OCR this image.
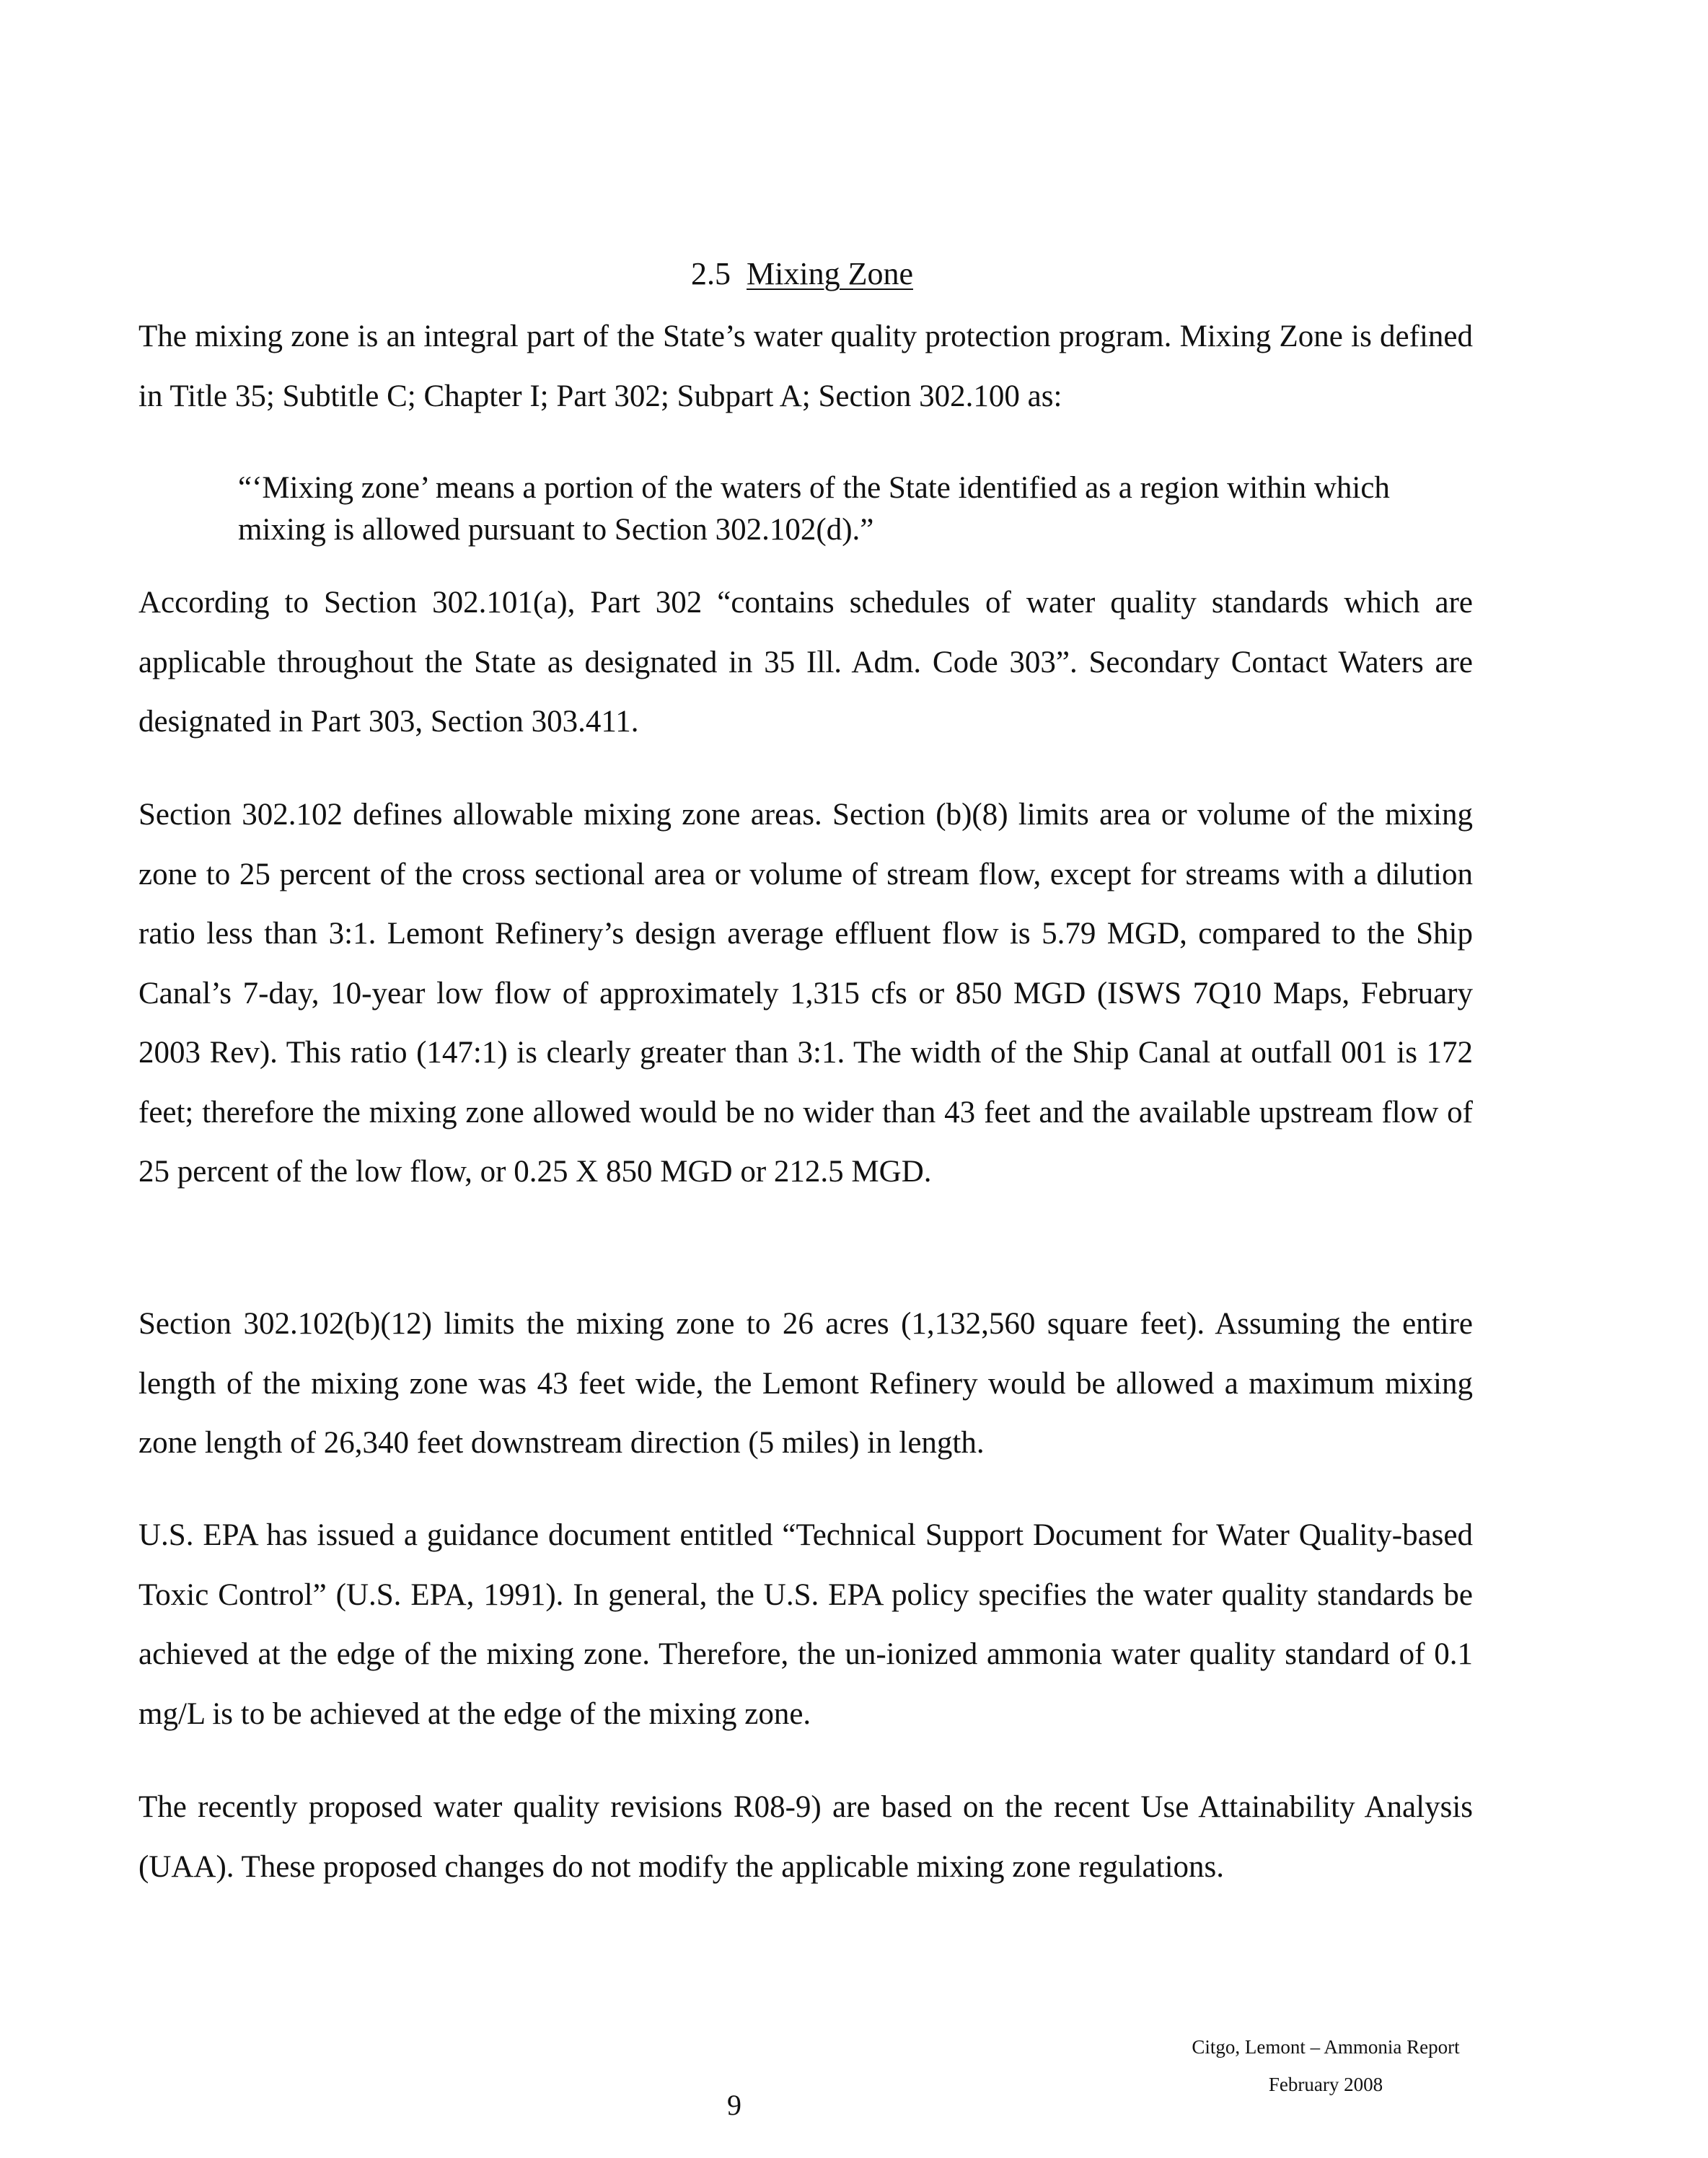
2.5 Mixing Zone

The mixing zone is an integral part of the State’s water quality protection program. Mixing Zone is defined in Title 35; Subtitle C; Chapter I; Part 302; Subpart A; Section 302.100 as:

“‘Mixing zone’ means a portion of the waters of the State identified as a region within which mixing is allowed pursuant to Section 302.102(d).”

According to Section 302.101(a), Part 302 “contains schedules of water quality standards which are applicable throughout the State as designated in 35 Ill. Adm. Code 303”. Secondary Contact Waters are designated in Part 303, Section 303.411.

Section 302.102 defines allowable mixing zone areas. Section (b)(8) limits area or volume of the mixing zone to 25 percent of the cross sectional area or volume of stream flow, except for streams with a dilution ratio less than 3:1. Lemont Refinery’s design average effluent flow is 5.79 MGD, compared to the Ship Canal’s 7-day, 10-year low flow of approximately 1,315 cfs or 850 MGD (ISWS 7Q10 Maps, February 2003 Rev). This ratio (147:1) is clearly greater than 3:1. The width of the Ship Canal at outfall 001 is 172 feet; therefore the mixing zone allowed would be no wider than 43 feet and the available upstream flow of 25 percent of the low flow, or 0.25 X 850 MGD or 212.5 MGD.

Section 302.102(b)(12) limits the mixing zone to 26 acres (1,132,560 square feet). Assuming the entire length of the mixing zone was 43 feet wide, the Lemont Refinery would be allowed a maximum mixing zone length of 26,340 feet downstream direction (5 miles) in length.

U.S. EPA has issued a guidance document entitled “Technical Support Document for Water Quality-based Toxic Control” (U.S. EPA, 1991). In general, the U.S. EPA policy specifies the water quality standards be achieved at the edge of the mixing zone. Therefore, the un-ionized ammonia water quality standard of 0.1 mg/L is to be achieved at the edge of the mixing zone.

The recently proposed water quality revisions R08-9) are based on the recent Use Attainability Analysis (UAA). These proposed changes do not modify the applicable mixing zone regulations.

9
Citgo, Lemont – Ammonia Report
February 2008
